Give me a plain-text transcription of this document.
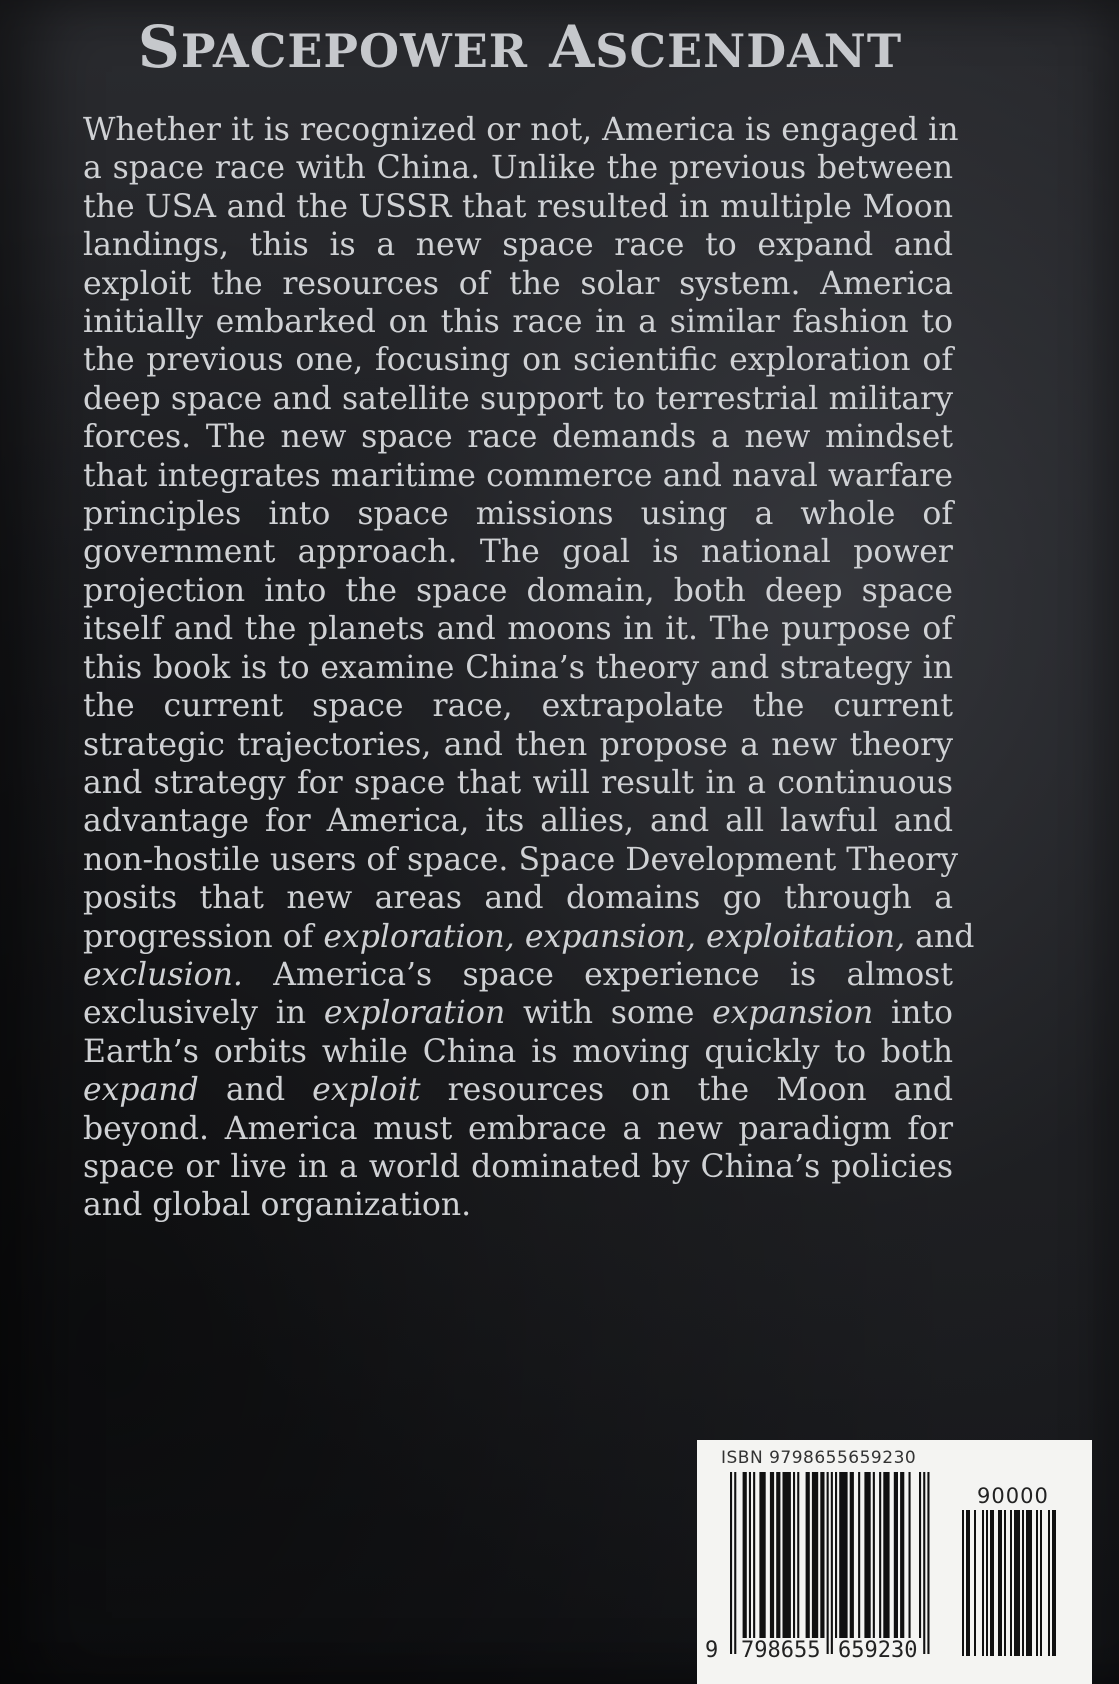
SPACEPOWER ASCENDANT
Whether it is recognized or not, America is engaged in
a space race with China. Unlike the previous between
the USA and the USSR that resulted in multiple Moon
landings, this is a new space race to expand and
exploit the resources of the solar system. America
initially embarked on this race in a similar fashion to
the previous one, focusing on scientific exploration of
deep space and satellite support to terrestrial military
forces. The new space race demands a new mindset
that integrates maritime commerce and naval warfare
principles into space missions using a whole of
government approach. The goal is national power
projection into the space domain, both deep space
itself and the planets and moons in it. The purpose of
this book is to examine China’s theory and strategy in
the current space race, extrapolate the current
strategic trajectories, and then propose a new theory
and strategy for space that will result in a continuous
advantage for America, its allies, and all lawful and
non-hostile users of space. Space Development Theory
posits that new areas and domains go through a
progression of exploration, expansion, exploitation, and
exclusion. America’s space experience is almost
exclusively in exploration with some expansion into
Earth’s orbits while China is moving quickly to both
expand and exploit resources on the Moon and
beyond. America must embrace a new paradigm for
space or live in a world dominated by China’s policies
and global organization.
ISBN 9798655659230
90000
9 798655 659230
